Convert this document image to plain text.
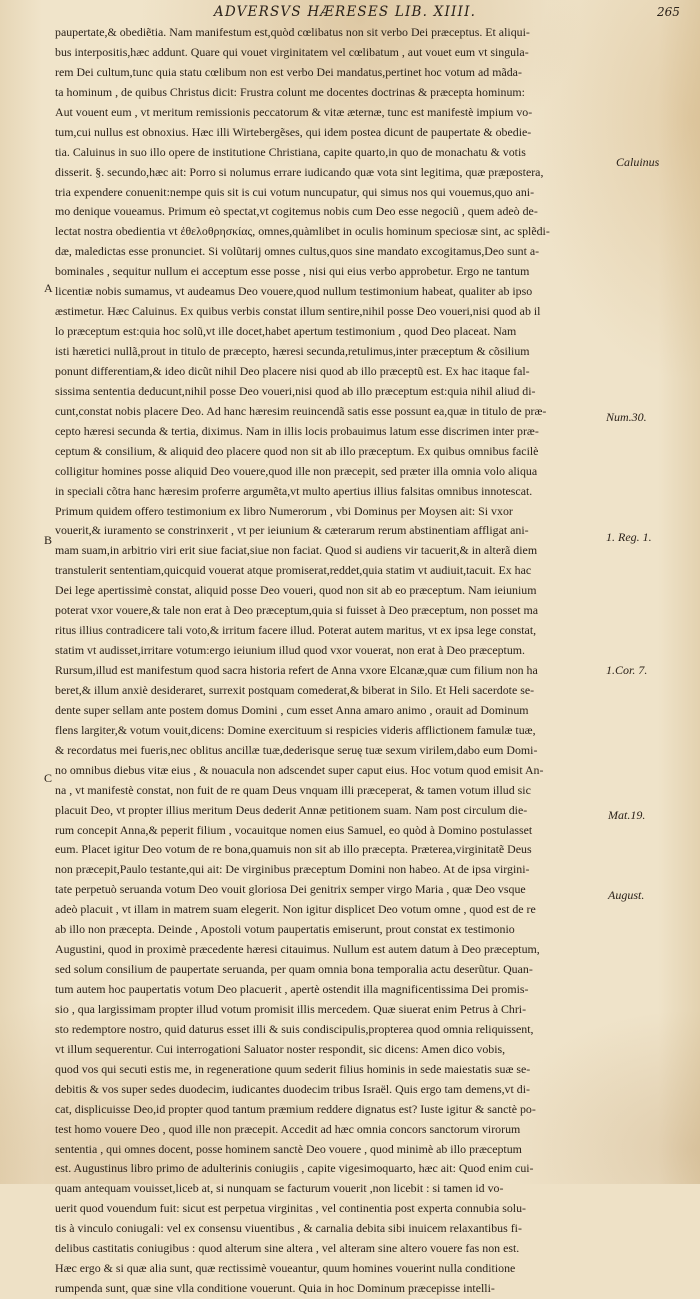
ADVERSVS HÆRESES LIB. XIIII.	265
paupertate,& obediẽtia. Nam manifestum est,quòd cœlibatus non sit verbo Dei præceptus. Et aliqui-
bus interpositis,hæc addunt. Quare qui vouet virginitatem vel cœlibatum , aut vouet eum vt singula-
rem Dei cultum,tunc quia statu cœlibum non est verbo Dei mandatus,pertinet hoc votum ad mãda-
ta hominum , de quibus Christus dicit: Frustra colunt me docentes doctrinas & præcepta hominum:
Aut vouent eum , vt meritum remissionis peccatorum & vitæ æternæ, tunc est manifestè impium vo-
tum,cui nullus est obnoxius. Hæc illi Wirtebergẽses, qui idem postea dicunt de paupertate & obedie-
tia. Caluinus in suo illo opere de institutione Christiana, capite quarto,in quo de monachatu & votis
disserit. §. secundo,hæc ait: Porro si nolumus errare iudicando quæ vota sint legitima, quæ præpostera,
tria expendere conuenit:nempe quis sit is cui votum nuncupatur, qui simus nos qui vouemus,quo ani-
mo denique voueamus. Primum eò spectat,vt cogitemus nobis cum Deo esse negociũ , quem adeò de-
lectat nostra obedientia vt ἐθελοθρησκίας, omnes,quàmlibet in oculis hominum speciosæ sint, ac splẽdi-
dæ, maledictas esse pronunciet. Si volũtarij omnes cultus,quos sine mandato excogitamus,Deo sunt a-
bominales , sequitur nullum ei acceptum esse posse , nisi qui eius verbo approbetur. Ergo ne tantum
licentiæ nobis sumamus, vt audeamus Deo vouere,quod nullum testimonium habeat, qualiter ab ipso
æstimetur. Hæc Caluinus. Ex quibus verbis constat illum sentire,nihil posse Deo voueri,nisi quod ab il
lo præceptum est:quia hoc solũ,vt ille docet,habet apertum testimonium , quod Deo placeat. Nam
isti hæretici nullã,prout in titulo de præcepto, hæresi secunda,retulimus,inter præceptum & cõsilium
ponunt differentiam,& ideo dicũt nihil Deo placere nisi quod ab illo præceptũ est. Ex hac itaque fal-
sissima sententia deducunt,nihil posse Deo voueri,nisi quod ab illo præceptum est:quia nihil aliud di-
cunt,constat nobis placere Deo. Ad hanc hæresim reuincendã satis esse possunt ea,quæ in titulo de præ-
cepto hæresi secunda & tertia, diximus. Nam in illis locis probauimus latum esse discrimen inter præ-
ceptum & consilium, & aliquid deo placere quod non sit ab illo præceptum. Ex quibus omnibus facilè
colligitur homines posse aliquid Deo vouere,quod ille non præcepit, sed præter illa omnia volo aliqua
in speciali cõtra hanc hæresim proferre argumẽta,vt multo apertius illius falsitas omnibus innotescat.
Primum quidem offero testimonium ex libro Numerorum , vbi Dominus per Moysen ait: Si vxor
vouerit,& iuramento se constrinxerit , vt per ieiunium & cæterarum rerum abstinentiam affligat ani-
mam suam,in arbitrio viri erit siue faciat,siue non faciat. Quod si audiens vir tacuerit,& in alterã diem
transtulerit sententiam,quicquid vouerat atque promiserat,reddet,quia statim vt audiuit,tacuit. Ex hac
Dei lege apertissimè constat, aliquid posse Deo voueri, quod non sit ab eo præceptum. Nam ieiunium
poterat vxor vouere,& tale non erat à Deo præceptum,quia si fuisset à Deo præceptum, non posset ma
ritus illius contradicere tali voto,& irritum facere illud. Poterat autem maritus, vt ex ipsa lege constat,
statim vt audisset,irritare votum:ergo ieiunium illud quod vxor vouerat, non erat à Deo præceptum.
Rursum,illud est manifestum quod sacra historia refert de Anna vxore Elcanæ,quæ cum filium non ha
beret,& illum anxiè desideraret, surrexit postquam comederat,& biberat in Silo. Et Heli sacerdote se-
dente super sellam ante postem domus Domini , cum esset Anna amaro animo , orauit ad Dominum
flens largiter,& votum vouit,dicens: Domine exercituum si respicies videris afflictionem famulæ tuæ,
& recordatus mei fueris,nec oblitus ancillæ tuæ,dederisque seruę tuæ sexum virilem,dabo eum Domi-
no omnibus diebus vitæ eius , & nouacula non adscendet super caput eius. Hoc votum quod emisit An-
na , vt manifestè constat, non fuit de re quam Deus vnquam illi præceperat, & tamen votum illud sic
placuit Deo, vt propter illius meritum Deus dederit Annæ petitionem suam. Nam post circulum die-
rum concepit Anna,& peperit filium , vocauitque nomen eius Samuel, eo quòd à Domino postulasset
eum. Placet igitur Deo votum de re bona,quamuis non sit ab illo præcepta. Præterea,virginitatẽ Deus
non præcepit,Paulo testante,qui ait: De virginibus præceptum Domini non habeo. At de ipsa virgini-
tate perpetuò seruanda votum Deo vouit gloriosa Dei genitrix semper virgo Maria , quæ Deo vsque
adeò placuit , vt illam in matrem suam elegerit. Non igitur displicet Deo votum omne , quod est de re
ab illo non præcepta. Deinde , Apostoli votum paupertatis emiserunt, prout constat ex testimonio
Augustini, quod in proximè præcedente hæresi citauimus. Nullum est autem datum à Deo præceptum,
sed solum consilium de paupertate seruanda, per quam omnia bona temporalia actu deserũtur. Quan-
tum autem hoc paupertatis votum Deo placuerit , apertè ostendit illa magnificentissima Dei promis-
sio , qua largissimam propter illud votum promisit illis mercedem. Quæ siuerat enim Petrus à Chri-
sto redemptore nostro, quid daturus esset illi & suis condiscipulis,propterea quod omnia reliquissent,
vt illum sequerentur. Cui interrogationi Saluator noster respondit, sic dicens: Amen dico vobis,
quod vos qui secuti estis me, in regeneratione quum sederit filius hominis in sede maiestatis suæ se-
debitis & vos super sedes duodecim, iudicantes duodecim tribus Israël. Quis ergo tam demens,vt di-
cat, displicuisse Deo,id propter quod tantum præmium reddere dignatus est? Iuste igitur & sanctè po-
test homo vouere Deo , quod ille non præcepit. Accedit ad hæc omnia concors sanctorum virorum
sententia , qui omnes docent, posse hominem sanctè Deo vouere , quod minimè ab illo præceptum
est. Augustinus libro primo de adulterinis coniugiis , capite vigesimoquarto, hæc ait: Quod enim cui-
quam antequam vouisset,liceb at, si nunquam se facturum vouerit ,non licebit : si tamen id vo-
uerit quod vouendum fuit: sicut est perpetua virginitas , vel continentia post experta connubia solu-
tis à vinculo coniugali: vel ex consensu viuentibus , & carnalia debita sibi inuicem relaxantibus fi-
delibus castitatis coniugibus : quod alterum sine altera , vel alteram sine altero vouere fas non est.
Hæc ergo & si quæ alia sunt, quæ rectissimè voueantur, quum homines vouerint nulla conditione
rumpenda sunt, quæ sine vlla conditione vouerunt. Quia in hoc Dominum præcepisse intelli-
A
B
C
Caluinus
Num.30.
1. Reg. 1.
1.Cor. 7.
Mat.19.
August.
